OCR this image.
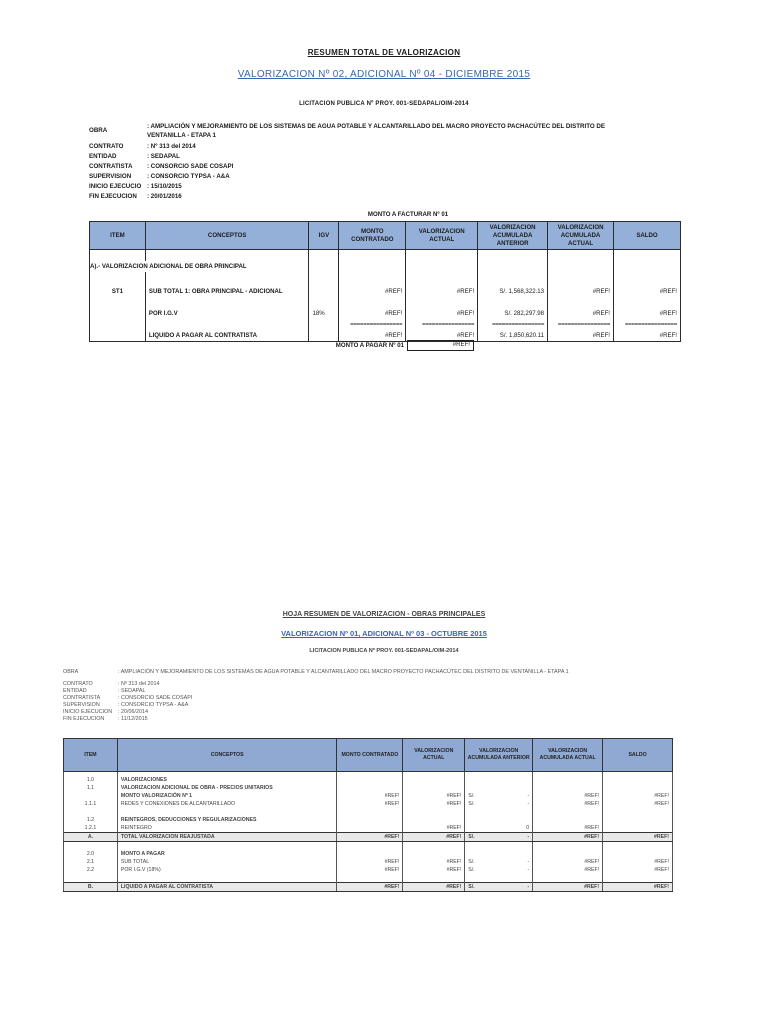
RESUMEN TOTAL DE VALORIZACION
VALORIZACION Nº 02, ADICIONAL Nº 04 - DICIEMBRE 2015
LICITACION PUBLICA Nº PROY. 001-SEDAPAL/OIM-2014
OBRA
: AMPLIACIÓN Y MEJORAMIENTO DE LOS SISTEMAS DE AGUA POTABLE Y ALCANTARILLADO DEL MACRO PROYECTO PACHACÚTEC DEL DISTRITO DE
VENTANILLA - ETAPA 1
CONTRATO	: Nº 313 del 2014
ENTIDAD	: SEDAPAL
CONTRATISTA : CONSORCIO SADE COSAPI
SUPERVISION	: CONSORCIO TYPSA - A&A
INICIO EJECUCIO : 15/10/2015
FIN EJECUCION : 20/01/2016
MONTO A FACTURAR Nº 01
ITEM	CONCEPTOS	IGV	MONTO CONTRATADO	VALORIZACION ACTUAL	VALORIZACION ACUMULADA ANTERIOR	VALORIZACION ACUMULADA ACTUAL	SALDO

A).- VALORIZACION ADICIONAL DE OBRA PRINCIPAL							

ST1	SUB TOTAL 1: OBRA PRINCIPAL - ADICIONAL		#REF!	#REF!	S/. 1,568,322.13	#REF!	#REF!

	POR I.G.V	18%	#REF!	#REF!	S/. 282,297.98	#REF!	#REF!
			================	================	================	================	================
	LIQUIDO A PAGAR AL CONTRATISTA		#REF!	#REF!	S/. 1,850,620.11	#REF!	#REF!
MONTO A PAGAR Nº 01	#REF!
HOJA RESUMEN DE VALORIZACION - OBRAS PRINCIPALES
VALORIZACION Nº 01, ADICIONAL Nº 03 - OCTUBRE 2015
LICITACION PUBLICA Nº PROY. 001-SEDAPAL/OIM-2014
OBRA	: AMPLIACIÓN Y MEJORAMIENTO DE LOS SISTEMAS DE AGUA POTABLE Y ALCANTARILLADO DEL MACRO PROYECTO PACHACÚTEC DEL DISTRITO DE VENTANILLA - ETAPA 1
CONTRATO	: Nº 313 del 2014
ENTIDAD	: SEDAPAL
CONTRATISTA	: CONSORCIO SADE COSAPI
SUPERVISION	: CONSORCIO TYPSA - A&A
INICIO EJECUCION : 20/06/2014
FIN EJECUCION	: 11/12/2015
ITEM	CONCEPTOS	MONTO CONTRATADO	VALORIZACION ACTUAL	VALORIZACION ACUMULADA ANTERIOR		VALORIZACION ACUMULADA ACTUAL	SALDO

1.0	VALORIZACIONES						
1.1	VALORIZACION ADICIONAL DE OBRA - PRECIOS UNITARIOS						
	MONTO VALORIZACIÓN Nº 1	#REF!	#REF!	S/.	-	#REF!	#REF!
1.1.1	REDES Y CONEXIONES DE ALCANTARILLADO	#REF!	#REF!	S/.	-	#REF!	#REF!

1.2	REINTEGROS, DEDUCCIONES Y REGULARIZACIONES						
1.2.1	REINTEGRO		#REF!		0	#REF!	
A.	TOTAL VALORIZACION REAJUSTADA	#REF!	#REF!	S/.	-	#REF!	#REF!

2.0	MONTO A PAGAR						
2.1	SUB TOTAL	#REF!	#REF!	S/.	-	#REF!	#REF!
2.2	POR I.G.V (18%)	#REF!	#REF!	S/.	-	#REF!	#REF!

B.	LIQUIDO A PAGAR AL CONTRATISTA	#REF!	#REF!	S/.	-	#REF!	#REF!
